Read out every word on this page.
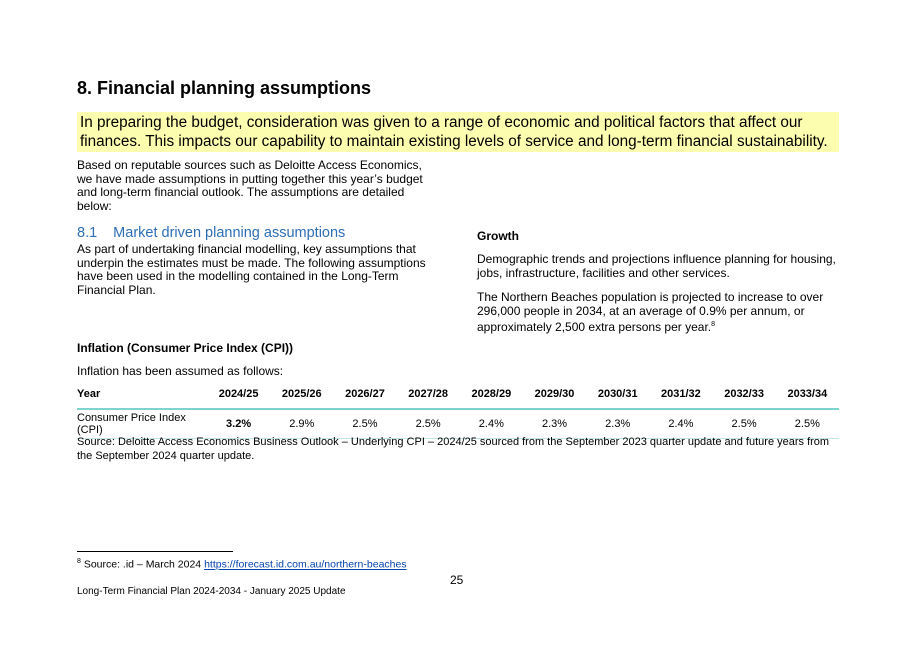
8. Financial planning assumptions
In preparing the budget, consideration was given to a range of economic and political factors that affect our finances. This impacts our capability to maintain existing levels of service and long-term financial sustainability.
Based on reputable sources such as Deloitte Access Economics, we have made assumptions in putting together this year’s budget and long-term financial outlook. The assumptions are detailed below:
8.1 Market driven planning assumptions
As part of undertaking financial modelling, key assumptions that underpin the estimates must be made. The following assumptions have been used in the modelling contained in the Long-Term Financial Plan.
Growth
Demographic trends and projections influence planning for housing, jobs, infrastructure, facilities and other services.
The Northern Beaches population is projected to increase to over 296,000 people in 2034, at an average of 0.9% per annum, or approximately 2,500 extra persons per year.$^8$
Inflation (Consumer Price Index (CPI))
Inflation has been assumed as follows:
Year	2024/25	2025/26	2026/27	2027/28	2028/29	2029/30	2030/31	2031/32	2032/33	2033/34
Consumer Price Index (CPI)	3.2%	2.9%	2.5%	2.5%	2.4%	2.3%	2.3%	2.4%	2.5%	2.5%
Source: Deloitte Access Economics Business Outlook – Underlying CPI – 2024/25 sourced from the September 2023 quarter update and future years from the September 2024 quarter update.
$^8$ Source: .id – March 2024 https://forecast.id.com.au/northern-beaches
25
Long-Term Financial Plan 2024-2034 - January 2025 Update
